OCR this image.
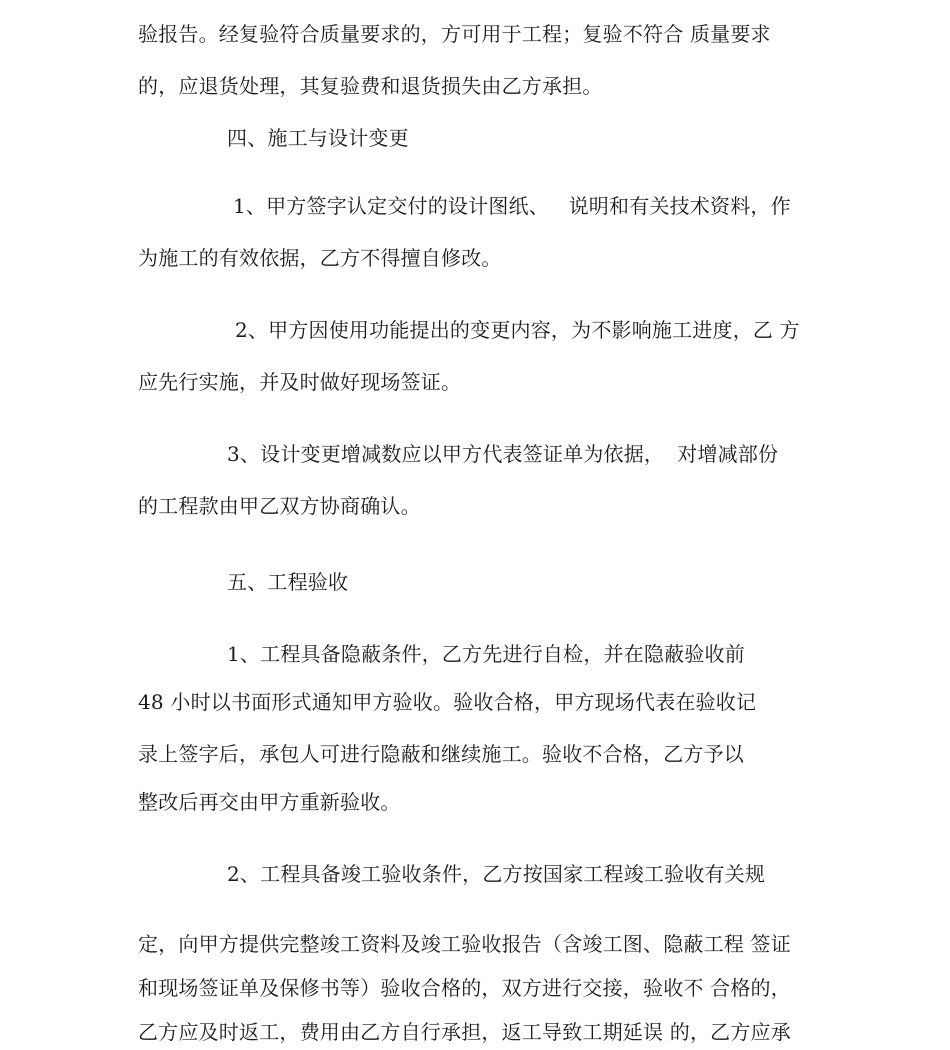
验报告。经复验符合质量要求的，方可用于工程；复验不符合 质量要求
的，应退货处理，其复验费和退货损失由乙方承担。
四、施工与设计变更
1、甲方签字认定交付的设计图纸、   说明和有关技术资料，作
为施工的有效依据，乙方不得擅自修改。
2、甲方因使用功能提出的变更内容，为不影响施工进度，乙 方
应先行实施，并及时做好现场签证。
3、设计变更增减数应以甲方代表签证单为依据，  对增减部份
的工程款由甲乙双方协商确认。
五、工程验收
1、工程具备隐蔽条件，乙方先进行自检，并在隐蔽验收前
48 小时以书面形式通知甲方验收。验收合格，甲方现场代表在验收记
录上签字后，承包人可进行隐蔽和继续施工。验收不合格，乙方予以
整改后再交由甲方重新验收。
2、工程具备竣工验收条件，乙方按国家工程竣工验收有关规
定，向甲方提供完整竣工资料及竣工验收报告（含竣工图、隐蔽工程 签证
和现场签证单及保修书等）验收合格的，双方进行交接，验收不 合格的，
乙方应及时返工，费用由乙方自行承担，返工导致工期延误 的，乙方应承
